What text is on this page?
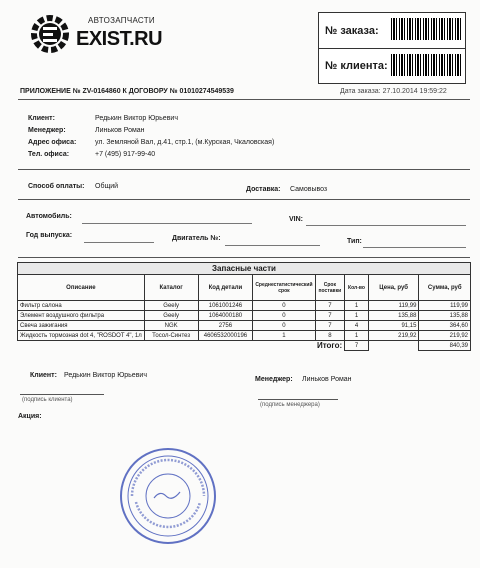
АВТОЗАПЧАСТИ
EXIST.RU	№ заказа:
№ клиента:
ПРИЛОЖЕНИЕ № ZV-0164860 К ДОГОВОРУ № 01010274549539	Дата заказа: 27.10.2014 19:59:22
Клиент:	Редькин Виктор Юрьевич
Менеджер:	Линьков Роман
Адрес офиса:	ул. Земляной Вал, д.41, стр.1, (м.Курская, Чкаловская)
Тел. офиса:	+7 (495) 917-99-40
Способ оплаты: Общий	Доставка: Самовывоз
Автомобиль:	VIN:
Год выпуска:	Двигатель №:	Тип:
Запасные части							
Описание	Каталог	Код детали	Среднестатистический срок	Срок поставки	Кол-во	Цена, руб	Сумма, руб
Фильтр салона	Geely	1061001246	0	7	1	119,99	119,99
Элемент воздушного фильтра	Geely	1064000180	0	7	1	135,88	135,88
Свеча зажигания	NGK	2756	0	7	4	91,15	364,60
Жидкость тормозная dot 4, "ROSDOT 4", 1л	Тосол-Синтез	4606532000196	1	8	1	219,92	219,92
Итого:					7		840,39
Клиент: Редькин Виктор Юрьевич
(подпись клиента)
Менеджер: Линьков Роман
(подпись менеджера)
Акция:
